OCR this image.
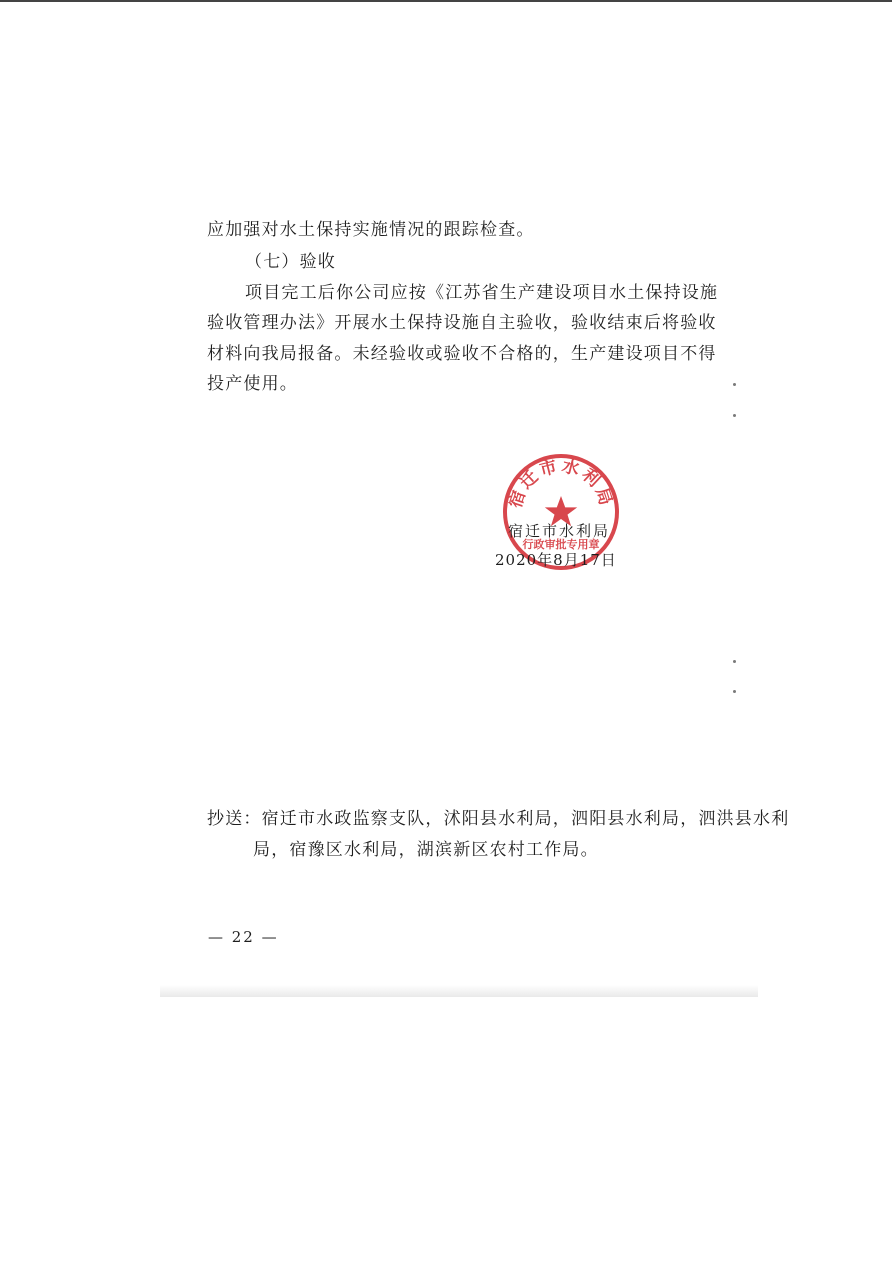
应加强对水土保持实施情况的跟踪检查。
（七）验收
项目完工后你公司应按《江苏省生产建设项目水土保持设施
验收管理办法》开展水土保持设施自主验收，验收结束后将验收
材料向我局报备。未经验收或验收不合格的，生产建设项目不得
投产使用。
宿迁市水利局
行政审批专用章
宿迁市水利局
2020年8月17日
抄送：宿迁市水政监察支队，沭阳县水利局，泗阳县水利局，泗洪县水利
局，宿豫区水利局，湖滨新区农村工作局。
— 22 —
